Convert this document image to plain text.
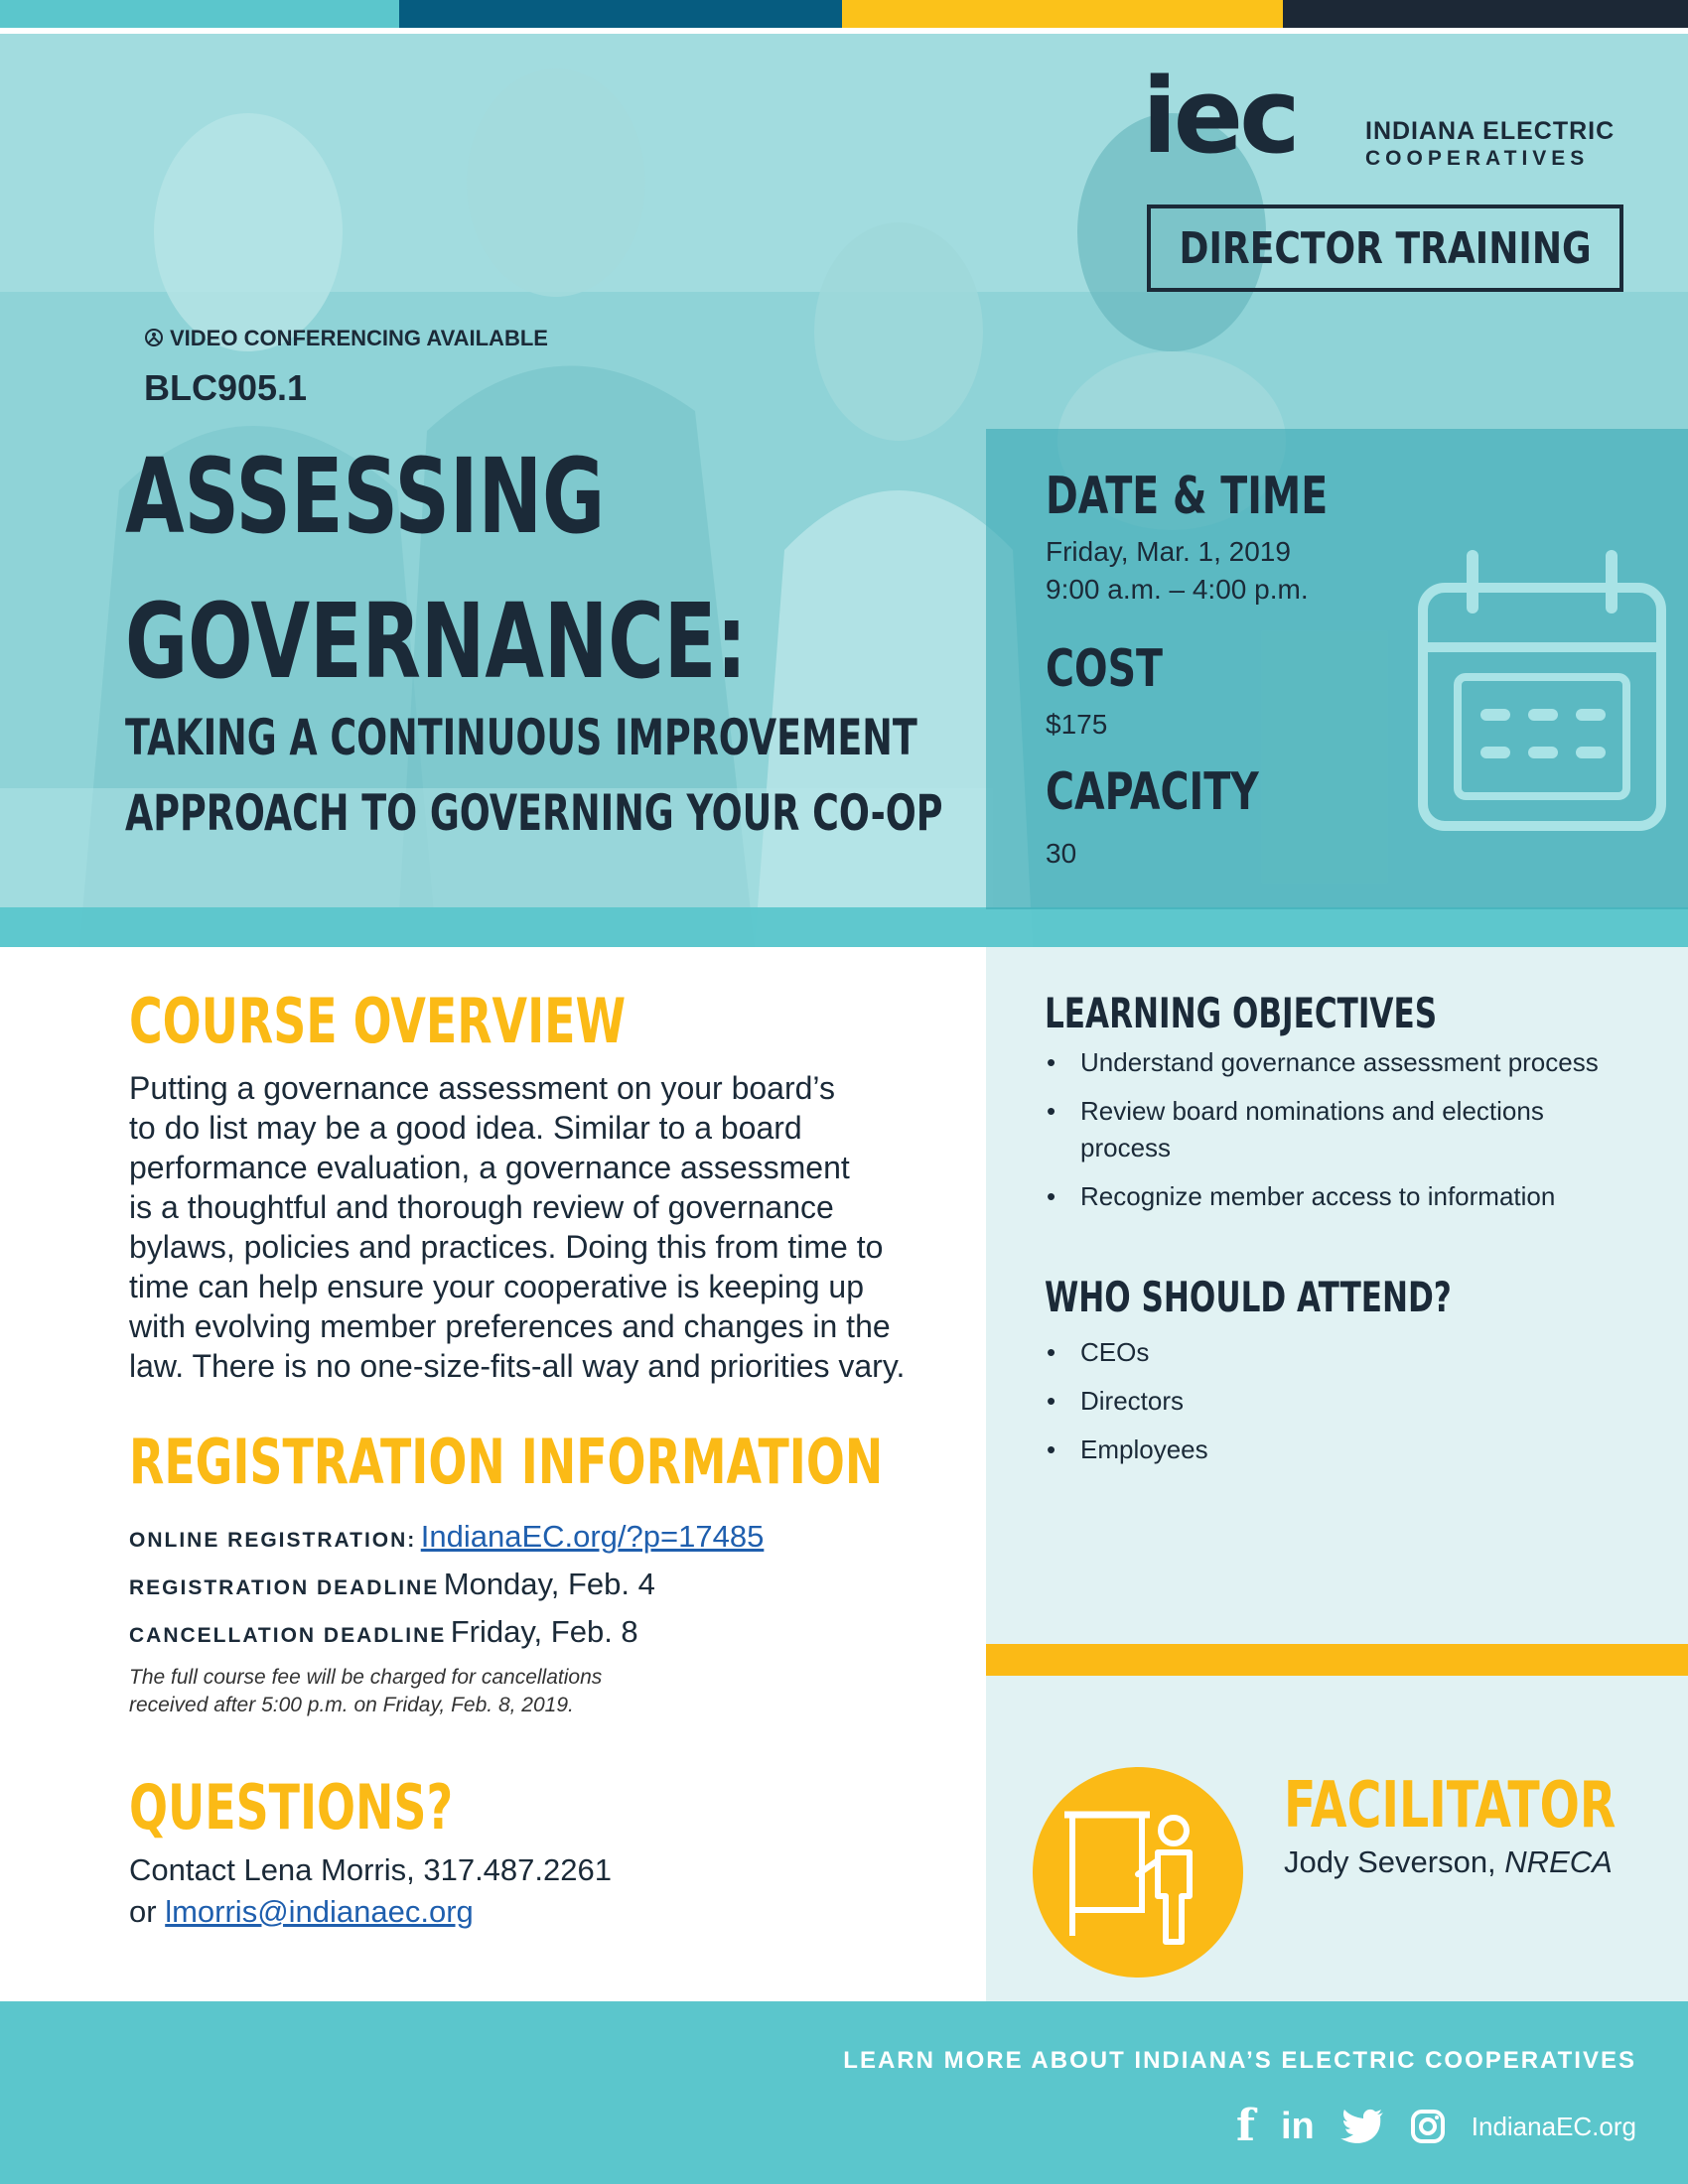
iec	INDIANA ELECTRIC
COOPERATIVES
DIRECTOR TRAINING
VIDEO CONFERENCING AVAILABLE
BLC905.1
ASSESSING
GOVERNANCE:
TAKING A CONTINUOUS IMPROVEMENT
APPROACH TO GOVERNING YOUR CO-OP
DATE & TIME
Friday, Mar. 1, 2019
9:00 a.m. – 4:00 p.m.
COST
$175
CAPACITY
30
COURSE OVERVIEW
Putting a governance assessment on your board’s
to do list may be a good idea. Similar to a board
performance evaluation, a governance assessment
is a thoughtful and thorough review of governance
bylaws, policies and practices. Doing this from time to
time can help ensure your cooperative is keeping up
with evolving member preferences and changes in the
law. There is no one-size-fits-all way and priorities vary.
REGISTRATION INFORMATION
ONLINE REGISTRATION: IndianaEC.org/?p=17485
REGISTRATION DEADLINE Monday, Feb. 4
CANCELLATION DEADLINE Friday, Feb. 8
The full course fee will be charged for cancellations
received after 5:00 p.m. on Friday, Feb. 8, 2019.
QUESTIONS?
Contact Lena Morris, 317.487.2261
or lmorris@indianaec.org
LEARNING OBJECTIVES
• Understand governance assessment process
• Review board nominations and elections process
• Recognize member access to information
WHO SHOULD ATTEND?
• CEOs
• Directors
• Employees
FACILITATOR
Jody Severson, NRECA
LEARN MORE ABOUT INDIANA’S ELECTRIC COOPERATIVES
f in	IndianaEC.org
